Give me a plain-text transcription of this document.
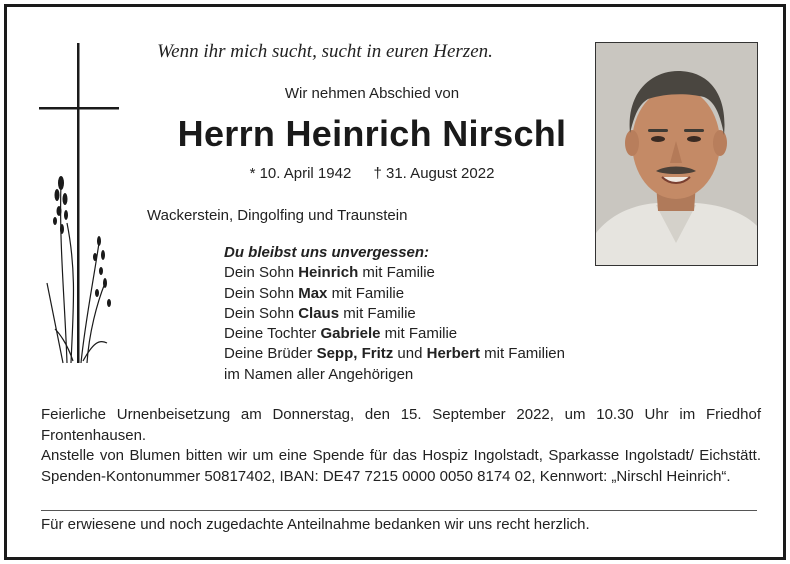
Wenn ihr mich sucht, sucht in euren Herzen.
Wir nehmen Abschied von
Herrn Heinrich Nirschl
* 10. April 1942 † 31. August 2022
Wackerstein, Dingolfing und Traunstein
Du bleibst uns unvergessen:
Dein Sohn Heinrich mit Familie
Dein Sohn Max mit Familie
Dein Sohn Claus mit Familie
Deine Tochter Gabriele mit Familie
Deine Brüder Sepp, Fritz und Herbert mit Familien
im Namen aller Angehörigen

Feierliche Urnenbeisetzung am Donnerstag, den 15. September 2022, um 10.30 Uhr im Friedhof Frontenhausen.

Anstelle von Blumen bitten wir um eine Spende für das Hospiz Ingolstadt, Sparkasse Ingolstadt/ Eichstätt. Spenden-Kontonummer 50817402, IBAN: DE47 7215 0000 0050 8174 02, Kennwort: „Nirschl Heinrich“.

Für erwiesene und noch zugedachte Anteilnahme bedanken wir uns recht herzlich.
